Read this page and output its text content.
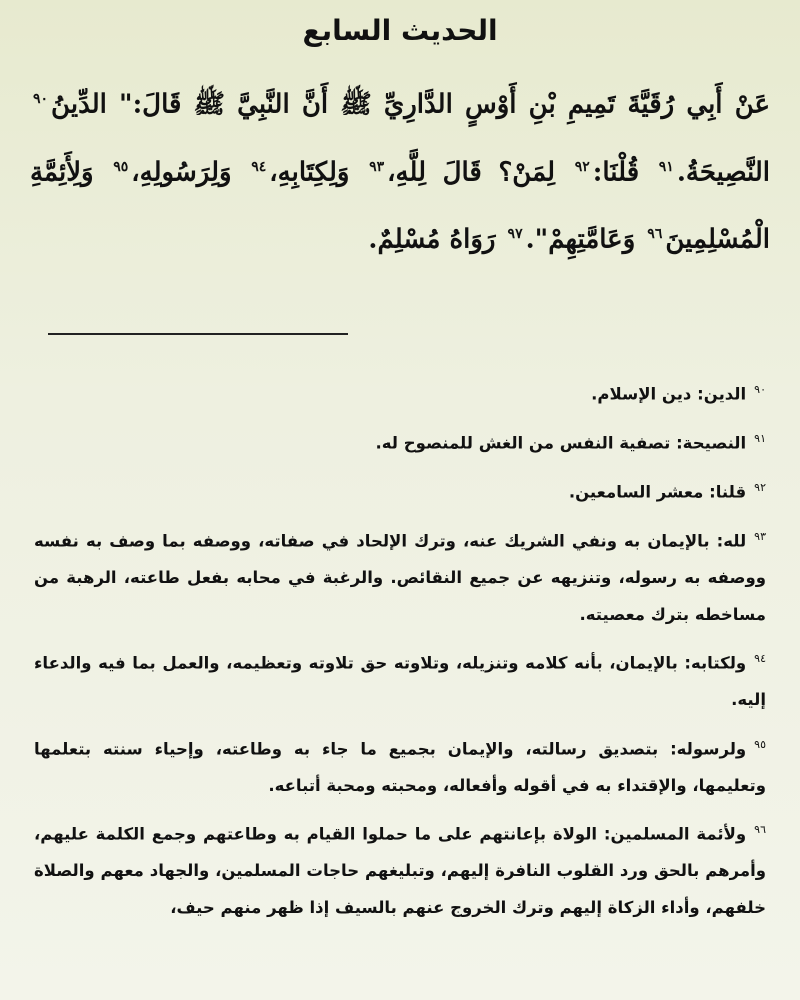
الحديث السابع
عَنْ أَبِي رُقَيَّةَ تَمِيمِ بْنِ أَوْسٍ الدَّارِيِّ ﷺ أَنَّ النَّبِيَّ ﷺ قَالَ:" الدِّينُ$^{٩٠}$ النَّصِيحَةُ.$^{٩١}$ قُلْنَا:$^{٩٢}$ لِمَنْ؟ قَالَ لِلَّهِ،$^{٩٣}$ وَلِكِتَابِهِ،$^{٩٤}$ وَلِرَسُولِهِ،$^{٩٥}$ وَلِأَئِمَّةِ الْمُسْلِمِينَ$^{٩٦}$ وَعَامَّتِهِمْ".$^{٩٧}$ رَوَاهُ مُسْلِمٌ.

$^{٩٠}$الدين: دين الإسلام.

$^{٩١}$النصيحة: تصفية النفس من الغش للمنصوح له.

$^{٩٢}$قلنا: معشر السامعين.

$^{٩٣}$لله: بالإيمان به ونفي الشريك عنه، وترك الإلحاد في صفاته، ووصفه بما وصف به نفسه ووصفه به رسوله، وتنزيهه عن جميع النقائص. والرغبة في محابه بفعل طاعته، الرهبة من مساخطه بترك معصيته.

$^{٩٤}$ولكتابه: بالإيمان، بأنه كلامه وتنزيله، وتلاوته حق تلاوته وتعظيمه، والعمل بما فيه والدعاء إليه.

$^{٩٥}$ولرسوله: بتصديق رسالته، والإيمان بجميع ما جاء به وطاعته، وإحياء سنته بتعلمها وتعليمها، والإقتداء به في أقوله وأفعاله، ومحبته ومحبة أتباعه.

$^{٩٦}$ولأئمة المسلمين: الولاة بإعانتهم على ما حملوا القيام به وطاعتهم وجمع الكلمة عليهم، وأمرهم بالحق ورد القلوب النافرة إليهم، وتبليغهم حاجات المسلمين، والجهاد معهم والصلاة خلفهم، وأداء الزكاة إليهم وترك الخروج عنهم بالسيف إذا ظهر منهم حيف،
